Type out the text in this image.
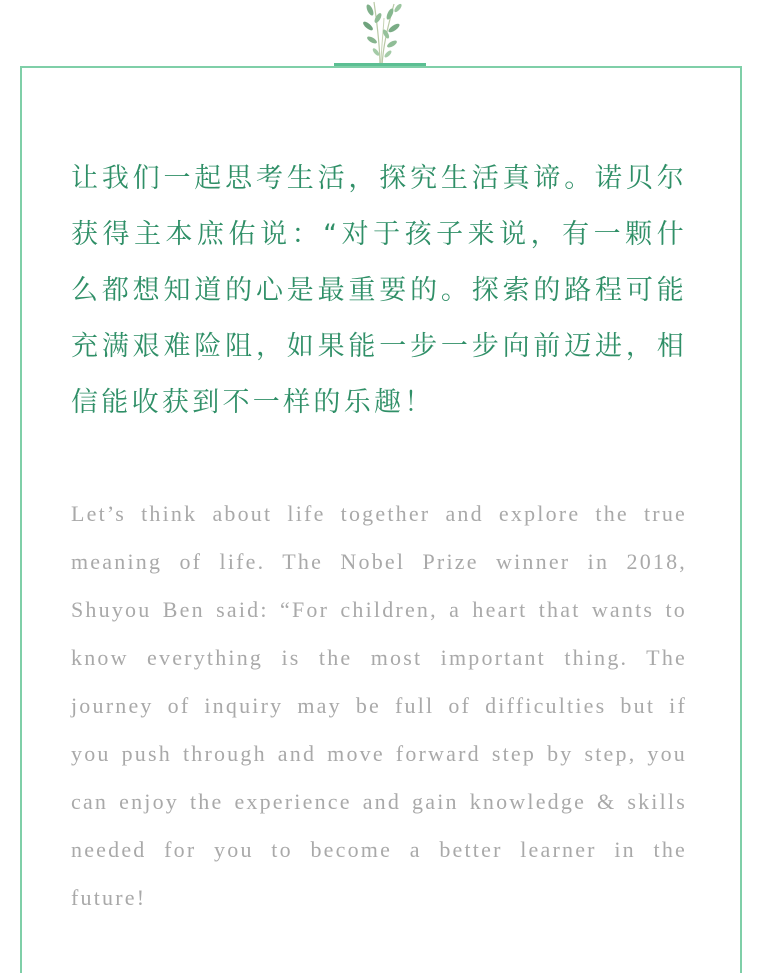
让我们一起思考生活，探究生活真谛。诺贝尔获得主本庶佑说：“对于孩子来说，有一颗什么都想知道的心是最重要的。探索的路程可能充满艰难险阻，如果能一步一步向前迈进，相信能收获到不一样的乐趣！

Let’s think about life together and explore the true meaning of life. The Nobel Prize winner in 2018, Shuyou Ben said: “For children, a heart that wants to know everything is the most important thing. The journey of inquiry may be full of difficulties but if you push through and move forward step by step, you can enjoy the experience and gain knowledge & skills needed for you to become a better learner in the future!
